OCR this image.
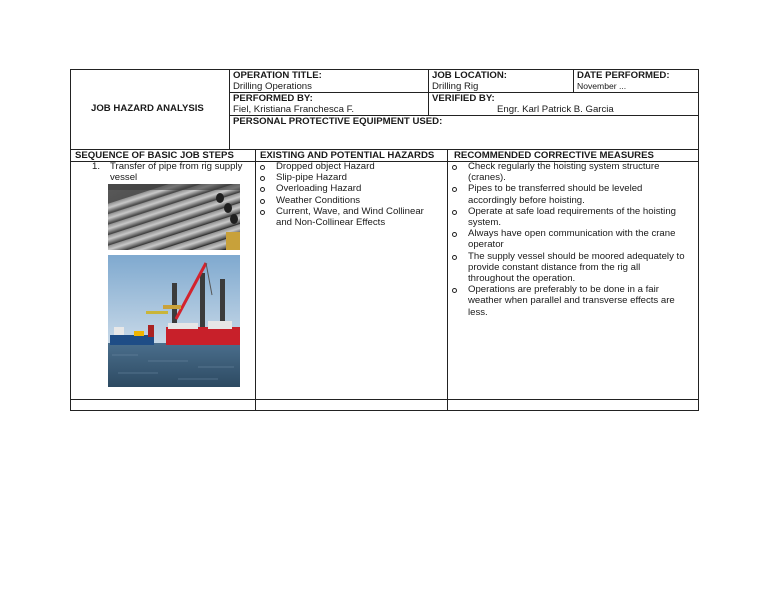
JOB HAZARD ANALYSIS
OPERATION TITLE:
Drilling Operations
JOB LOCATION:
Drilling Rig
DATE PERFORMED:
November ...
PERFORMED BY:
Fiel, Kristiana Franchesca F.
VERIFIED BY:
Engr. Karl Patrick B. Garcia
PERSONAL PROTECTIVE EQUIPMENT USED:
SEQUENCE OF BASIC JOB STEPS	EXISTING AND POTENTIAL HAZARDS RECOMMENDED CORRECTIVE MEASURES
1. Transfer of pipe from rig supply
vessel
Dropped object Hazard
Slip-pipe Hazard
Overloading Hazard
Weather Conditions
Current, Wave, and Wind Collinear and Non-Collinear Effects
Check regularly the hoisting system structure (cranes).
Pipes to be transferred should be leveled accordingly before hoisting.
Operate at safe load requirements of the hoisting system.
Always have open communication with the crane operator
The supply vessel should be moored adequately to provide constant distance from the rig all throughout the operation.
Operations are preferably to be done in a fair weather when parallel and transverse effects are less.
